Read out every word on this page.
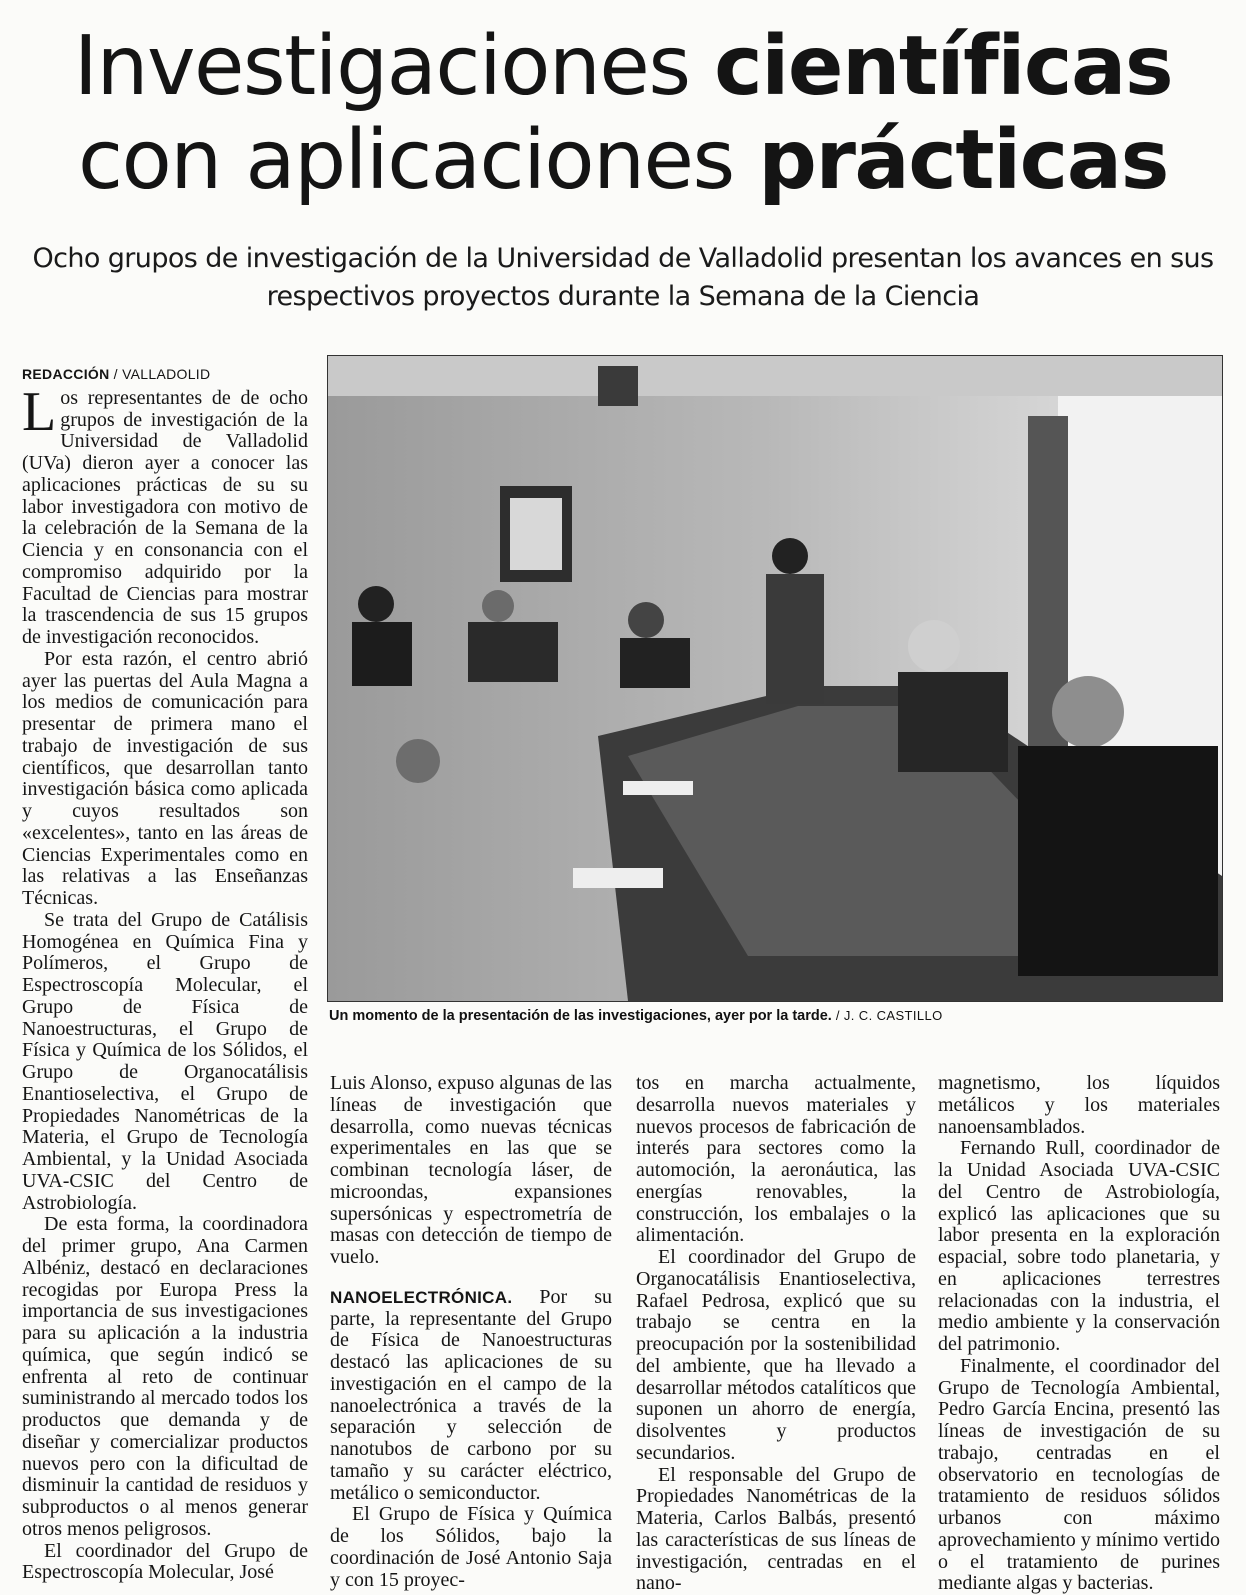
Investigaciones científicas
con aplicaciones prácticas
Ocho grupos de investigación de la Universidad de Valladolid presentan los avances en sus respectivos proyectos durante la Semana de la Ciencia
REDACCIÓN / VALLADOLID

Los representantes de de ocho grupos de investigación de la Universidad de Valladolid (UVa) dieron ayer a conocer las aplicaciones prácticas de su su labor investigadora con motivo de la celebración de la Semana de la Ciencia y en consonancia con el compromiso adquirido por la Facultad de Ciencias para mostrar la trascendencia de sus 15 grupos de investigación reconocidos.

Por esta razón, el centro abrió ayer las puertas del Aula Magna a los medios de comunicación para presentar de primera mano el trabajo de investigación de sus científicos, que desarrollan tanto investigación básica como aplicada y cuyos resultados son «excelentes», tanto en las áreas de Ciencias Experimentales como en las relativas a las Enseñanzas Técnicas.

Se trata del Grupo de Catálisis Homogénea en Química Fina y Polímeros, el Grupo de Espectroscopía Molecular, el Grupo de Física de Nanoestructuras, el Grupo de Física y Química de los Sólidos, el Grupo de Organocatálisis Enantioselectiva, el Grupo de Propiedades Nanométricas de la Materia, el Grupo de Tecnología Ambiental, y la Unidad Asociada UVA-CSIC del Centro de Astrobiología.

De esta forma, la coordinadora del primer grupo, Ana Carmen Albéniz, destacó en declaraciones recogidas por Europa Press la importancia de sus investigaciones para su aplicación a la industria química, que según indicó se enfrenta al reto de continuar suministrando al mercado todos los productos que demanda y de diseñar y comercializar productos nuevos pero con la dificultad de disminuir la cantidad de residuos y subproductos o al menos generar otros menos peligrosos.

El coordinador del Grupo de Espectroscopía Molecular, José

Un momento de la presentación de las investigaciones, ayer por la tarde. / J. C. CASTILLO

Luis Alonso, expuso algunas de las líneas de investigación que desarrolla, como nuevas técnicas experimentales en las que se combinan tecnología láser, de microondas, expansiones supersónicas y espectrometría de masas con detección de tiempo de vuelo.

NANOELECTRÓNICA. Por su parte, la representante del Grupo de Física de Nanoestructuras destacó las aplicaciones de su investigación en el campo de la nanoelectrónica a través de la separación y selección de nanotubos de carbono por su tamaño y su carácter eléctrico, metálico o semiconductor.

El Grupo de Física y Química de los Sólidos, bajo la coordinación de José Antonio Saja y con 15 proyec-

tos en marcha actualmente, desarrolla nuevos materiales y nuevos procesos de fabricación de interés para sectores como la automoción, la aeronáutica, las energías renovables, la construcción, los embalajes o la alimentación.

El coordinador del Grupo de Organocatálisis Enantioselectiva, Rafael Pedrosa, explicó que su trabajo se centra en la preocupación por la sostenibilidad del ambiente, que ha llevado a desarrollar métodos catalíticos que suponen un ahorro de energía, disolventes y productos secundarios.

El responsable del Grupo de Propiedades Nanométricas de la Materia, Carlos Balbás, presentó las características de sus líneas de investigación, centradas en el nano-

magnetismo, los líquidos metálicos y los materiales nanoensamblados.

Fernando Rull, coordinador de la Unidad Asociada UVA-CSIC del Centro de Astrobiología, explicó las aplicaciones que su labor presenta en la exploración espacial, sobre todo planetaria, y en aplicaciones terrestres relacionadas con la industria, el medio ambiente y la conservación del patrimonio.

Finalmente, el coordinador del Grupo de Tecnología Ambiental, Pedro García Encina, presentó las líneas de investigación de su trabajo, centradas en el observatorio en tecnologías de tratamiento de residuos sólidos urbanos con máximo aprovechamiento y mínimo vertido o el tratamiento de purines mediante algas y bacterias.
